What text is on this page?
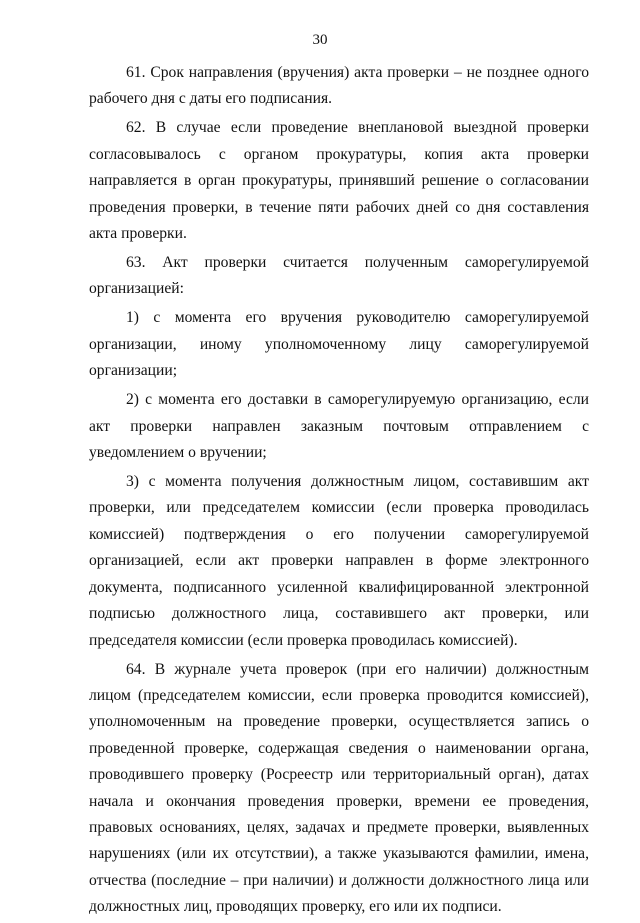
30

61. Срок направления (вручения) акта проверки – не позднее одного рабочего дня с даты его подписания.

62. В случае если проведение внеплановой выездной проверки согласовывалось с органом прокуратуры, копия акта проверки направляется в орган прокуратуры, принявший решение о согласовании проведения проверки, в течение пяти рабочих дней со дня составления акта проверки.

63. Акт проверки считается полученным саморегулируемой организацией:

1) с момента его вручения руководителю саморегулируемой организации, иному уполномоченному лицу саморегулируемой организации;

2) с момента его доставки в саморегулируемую организацию, если акт проверки направлен заказным почтовым отправлением с уведомлением о вручении;

3) с момента получения должностным лицом, составившим акт проверки, или председателем комиссии (если проверка проводилась комиссией) подтверждения о его получении саморегулируемой организацией, если акт проверки направлен в форме электронного документа, подписанного усиленной квалифицированной электронной подписью должностного лица, составившего акт проверки, или председателя комиссии (если проверка проводилась комиссией).

64. В журнале учета проверок (при его наличии) должностным лицом (председателем комиссии, если проверка проводится комиссией), уполномоченным на проведение проверки, осуществляется запись о проведенной проверке, содержащая сведения о наименовании органа, проводившего проверку (Росреестр или территориальный орган), датах начала и окончания проведения проверки, времени ее проведения, правовых основаниях, целях, задачах и предмете проверки, выявленных нарушениях (или их отсутствии), а также указываются фамилии, имена, отчества (последние – при наличии) и должности должностного лица или должностных лиц, проводящих проверку, его или их подписи.
